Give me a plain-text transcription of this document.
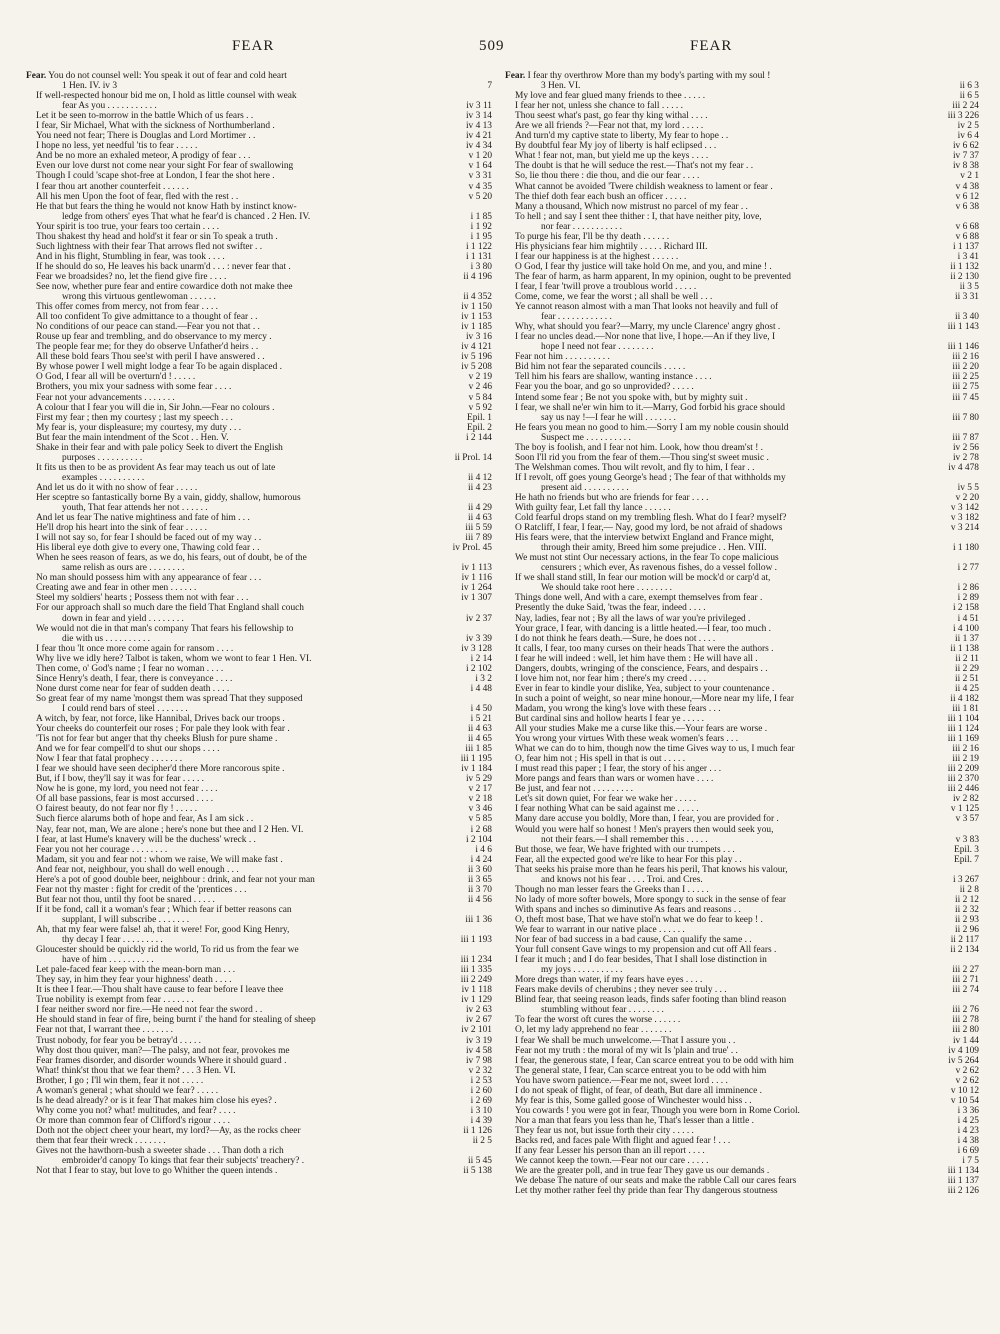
FEAR	509	FEAR
Fear. You do not counsel well: You speak it out of fear and cold heart
1 Hen. IV. iv 3	7
If well-respected honour bid me on, I hold as little counsel with weak
fear As you . . . . . . . . . . .	iv 3 11
Let it be seen to-morrow in the battle Which of us fears . .	iv 3 14
I fear, Sir Michael, What with the sickness of Northumberland .	iv 4 13
You need not fear; There is Douglas and Lord Mortimer . .	iv 4 21
I hope no less, yet needful 'tis to fear . . . . .	iv 4 34
And be no more an exhaled meteor, A prodigy of fear . . .	v 1 20
Even our love durst not come near your sight For fear of swallowing	v 1 64
Though I could 'scape shot-free at London, I fear the shot here .	v 3 31
I fear thou art another counterfeit . . . . . .	v 4 35
All his men Upon the foot of fear, fled with the rest . .	v 5 20
He that but fears the thing he would not know Hath by instinct know-
ledge from others' eyes That what he fear'd is chanced . 2 Hen. IV.	i 1 85
Your spirit is too true, your fears too certain . . . .	i 1 92
Thou shakest thy head and hold'st it fear or sin To speak a truth .	i 1 95
Such lightness with their fear That arrows fled not swifter . .	i 1 122
And in his flight, Stumbling in fear, was took . . . .	i 1 131
If he should do so, He leaves his back unarm'd . . . : never fear that .	i 3 80
Fear we broadsides? no, let the fiend give fire . . . .	ii 4 196
See now, whether pure fear and entire cowardice doth not make thee
wrong this virtuous gentlewoman . . . . . .	ii 4 352
This offer comes from mercy, not from fear . . . .	iv 1 150
All too confident To give admittance to a thought of fear . .	iv 1 153
No conditions of our peace can stand.—Fear you not that . .	iv 1 185
Rouse up fear and trembling, and do observance to my mercy .	iv 3 16
The people fear me; for they do observe Unfather'd heirs . .	iv 4 121
All these bold fears Thou see'st with peril I have answered . .	iv 5 196
By whose power I well might lodge a fear To be again displaced .	iv 5 208
O God, I fear all will be overturn'd ! . . . . .	v 2 19
Brothers, you mix your sadness with some fear . . . .	v 2 46
Fear not your advancements . . . . . . .	v 5 84
A colour that I fear you will die in, Sir John.—Fear no colours .	v 5 92
First my fear ; then my courtesy ; last my speech . . .	Epil. 1
My fear is, your displeasure; my courtesy, my duty . . .	Epil. 2
But fear the main intendment of the Scot . . Hen. V.	i 2 144
Shake in their fear and with pale policy Seek to divert the English
purposes . . . . . . . . . .	ii Prol. 14
It fits us then to be as provident As fear may teach us out of late
examples . . . . . . . . . .	ii 4 12
And let us do it with no show of fear . . . . .	ii 4 23
Her sceptre so fantastically borne By a vain, giddy, shallow, humorous
youth, That fear attends her not . . . . . .	ii 4 29
And let us fear The native mightiness and fate of him . . .	ii 4 63
He'll drop his heart into the sink of fear . . . . .	iii 5 59
I will not say so, for fear I should be faced out of my way . .	iii 7 89
His liberal eye doth give to every one, Thawing cold fear . .	iv Prol. 45
When he sees reason of fears, as we do, his fears, out of doubt, be of the
same relish as ours are . . . . . . . .	iv 1 113
No man should possess him with any appearance of fear . . .	iv 1 116
Creating awe and fear in other men . . . . . .	iv 1 264
Steel my soldiers' hearts ; Possess them not with fear . . .	iv 1 307
For our approach shall so much dare the field That England shall couch
down in fear and yield . . . . . . . .	iv 2 37
We would not die in that man's company That fears his fellowship to
die with us . . . . . . . . . .	iv 3 39
I fear thou 'lt once more come again for ransom . . . .	iv 3 128
Why live we idly here? Talbot is taken, whom we wont to fear 1 Hen. VI.	i 2 14
Then come, o' God's name ; I fear no woman . . . .	i 2 102
Since Henry's death, I fear, there is conveyance . . . .	i 3 2
None durst come near for fear of sudden death . . . .	i 4 48
So great fear of my name 'mongst them was spread That they supposed
I could rend bars of steel . . . . . . .	i 4 50
A witch, by fear, not force, like Hannibal, Drives back our troops .	i 5 21
Your cheeks do counterfeit our roses ; For pale they look with fear .	ii 4 63
'Tis not for fear but anger that thy cheeks Blush for pure shame .	ii 4 65
And we for fear compell'd to shut our shops . . . .	iii 1 85
Now I fear that fatal prophecy . . . . . . .	iii 1 195
I fear we should have seen decipher'd there More rancorous spite .	iv 1 184
But, if I bow, they'll say it was for fear . . . . .	iv 5 29
Now he is gone, my lord, you need not fear . . . .	v 2 17
Of all base passions, fear is most accursed . . . .	v 2 18
O fairest beauty, do not fear nor fly ! . . . . .	v 3 46
Such fierce alarums both of hope and fear, As I am sick . .	v 5 85
Nay, fear not, man, We are alone ; here's none but thee and I 2 Hen. VI.	i 2 68
I fear, at last Hume's knavery will be the duchess' wreck . .	i 2 104
Fear you not her courage . . . . . . . .	i 4 6
Madam, sit you and fear not : whom we raise, We will make fast .	i 4 24
And fear not, neighbour, you shall do well enough . . .	ii 3 60
Here's a pot of good double beer, neighbour : drink, and fear not your man	ii 3 65
Fear not thy master : fight for credit of the 'prentices . . .	ii 3 70
But fear not thou, until thy foot be snared . . . . .	ii 4 56
If it be fond, call it a woman's fear ; Which fear if better reasons can
supplant, I will subscribe . . . . . . .	iii 1 36
Ah, that my fear were false! ah, that it were! For, good King Henry,
thy decay I fear . . . . . . . . .	iii 1 193
Gloucester should be quickly rid the world, To rid us from the fear we
have of him . . . . . . . . . .	iii 1 234
Let pale-faced fear keep with the mean-born man . . .	iii 1 335
They say, in him they fear your highness' death . . . .	iii 2 249
It is thee I fear.—Thou shalt have cause to fear before I leave thee	iv 1 118
True nobility is exempt from fear . . . . . . .	iv 1 129
I fear neither sword nor fire.—He need not fear the sword . .	iv 2 63
He should stand in fear of fire, being burnt i' the hand for stealing of sheep	iv 2 67
Fear not that, I warrant thee . . . . . . .	iv 2 101
Trust nobody, for fear you be betray'd . . . . .	iv 3 19
Why dost thou quiver, man?—The palsy, and not fear, provokes me	iv 4 58
Fear frames disorder, and disorder wounds Where it should guard .	iv 7 98
What! think'st thou that we fear them? . . . 3 Hen. VI.	v 2 32
Brother, I go ; I'll win them, fear it not . . . . .	i 2 53
A woman's general ; what should we fear? . . . . .	i 2 60
Is he dead already? or is it fear That makes him close his eyes? .	i 2 69
Why come you not? what! multitudes, and fear? . . . .	i 3 10
Or more than common fear of Clifford's rigour . . . .	i 4 39
Doth not the object cheer your heart, my lord?—Ay, as the rocks cheer	ii 1 126
them that fear their wreck . . . . . . .	ii 2 5
Gives not the hawthorn-bush a sweeter shade . . . Than doth a rich
embroider'd canopy To kings that fear their subjects' treachery? .	ii 5 45
Not that I fear to stay, but love to go Whither the queen intends .	ii 5 138
Fear. I fear thy overthrow More than my body's parting with my soul !
3 Hen. VI.	ii 6 3
My love and fear glued many friends to thee . . . . .	ii 6 5
I fear her not, unless she chance to fall . . . . .	iii 2 24
Thou seest what's past, go fear thy king withal . . . .	iii 3 226
Are we all friends ?—Fear not that, my lord . . . . .	iv 2 5
And turn'd my captive state to liberty, My fear to hope . .	iv 6 4
By doubtful fear My joy of liberty is half eclipsed . . .	iv 6 62
What ! fear not, man, but yield me up the keys . . . .	iv 7 37
The doubt is that he will seduce the rest.—That's not my fear . .	iv 8 38
So, lie thou there : die thou, and die our fear . . . .	v 2 1
What cannot be avoided 'Twere childish weakness to lament or fear .	v 4 38
The thief doth fear each bush an officer . . . . .	v 6 12
Many a thousand, Which now mistrust no parcel of my fear . .	v 6 38
To hell ; and say I sent thee thither : I, that have neither pity, love,
nor fear . . . . . . . . . . .	v 6 68
To purge his fear, I'll be thy death . . . . . .	v 6 88
His physicians fear him mightily . . . . . Richard III.	i 1 137
I fear our happiness is at the highest . . . . . .	i 3 41
O God, I fear thy justice will take hold On me, and you, and mine ! .	ii 1 132
The fear of harm, as harm apparent, In my opinion, ought to be prevented	ii 2 130
I fear, I fear 'twill prove a troublous world . . . . .	ii 3 5
Come, come, we fear the worst ; all shall be well . . .	ii 3 31
Ye cannot reason almost with a man That looks not heavily and full of
fear . . . . . . . . . . . .	ii 3 40
Why, what should you fear?—Marry, my uncle Clarence' angry ghost .	iii 1 143
I fear no uncles dead.—Nor none that live, I hope.—An if they live, I
hope I need not fear . . . . . . . .	iii 1 146
Fear not him . . . . . . . . . .	iii 2 16
Bid him not fear the separated councils . . . . .	iii 2 20
Tell him his fears are shallow, wanting instance . . . .	iii 2 25
Fear you the boar, and go so unprovided? . . . . .	iii 2 75
Intend some fear ; Be not you spoke with, but by mighty suit .	iii 7 45
I fear, we shall ne'er win him to it.—Marry, God forbid his grace should
say us nay !—I fear he will . . . . . . .	iii 7 80
He fears you mean no good to him.—Sorry I am my noble cousin should
Suspect me . . . . . . . . . .	iii 7 87
The boy is foolish, and I fear not him. Look, how thou dream'st ! .	iv 2 56
Soon I'll rid you from the fear of them.—Thou sing'st sweet music .	iv 2 78
The Welshman comes. Thou wilt revolt, and fly to him, I fear . .	iv 4 478
If I revolt, off goes young George's head ; The fear of that withholds my
present aid . . . . . . . . . .	iv 5 5
He hath no friends but who are friends for fear . . . .	v 2 20
With guilty fear, Let fall thy lance . . . . . .	v 3 142
Cold fearful drops stand on my trembling flesh. What do I fear? myself?	v 3 182
O Ratcliff, I fear, I fear,— Nay, good my lord, be not afraid of shadows	v 3 214
His fears were, that the interview betwixt England and France might,
through their amity, Breed him some prejudice . . Hen. VIII.	i 1 180
We must not stint Our necessary actions, in the fear To cope malicious
censurers ; which ever, As ravenous fishes, do a vessel follow .	i 2 77
If we shall stand still, In fear our motion will be mock'd or carp'd at,
We should take root here . . . . . . . .	i 2 86
Things done well, And with a care, exempt themselves from fear .	i 2 89
Presently the duke Said, 'twas the fear, indeed . . . .	i 2 158
Nay, ladies, fear not ; By all the laws of war you're privileged .	i 4 51
Your grace, I fear, with dancing is a little heated.—I fear, too much .	i 4 100
I do not think he fears death.—Sure, he does not . . . .	ii 1 37
It calls, I fear, too many curses on their heads That were the authors .	ii 1 138
I fear he will indeed : well, let him have them : He will have all .	ii 2 11
Dangers, doubts, wringing of the conscience, Fears, and despairs . .	ii 2 29
I love him not, nor fear him ; there's my creed . . . .	ii 2 51
Ever in fear to kindle your dislike, Yea, subject to your countenance .	ii 4 25
In such a point of weight, so near mine honour,—More near my life, I fear	ii 4 182
Madam, you wrong the king's love with these fears . . .	iii 1 81
But cardinal sins and hollow hearts I fear ye . . . . .	iii 1 104
All your studies Make me a curse like this.—Your fears are worse .	iii 1 124
You wrong your virtues With these weak women's fears . . .	iii 1 169
What we can do to him, though now the time Gives way to us, I much fear	iii 2 16
O, fear him not ; His spell in that is out . . . . .	iii 2 19
I must read this paper ; I fear, the story of his anger . . .	iii 2 209
More pangs and fears than wars or women have . . . .	iii 2 370
Be just, and fear not . . . . . . . . .	iii 2 446
Let's sit down quiet, For fear we wake her . . . . .	iv 2 82
I fear nothing What can be said against me . . . . .	v 1 125
Many dare accuse you boldly, More than, I fear, you are provided for .	v 3 57
Would you were half so honest ! Men's prayers then would seek you,
not their fears.—I shall remember this . . . . .	v 3 83
But those, we fear, We have frighted with our trumpets . . .	Epil. 3
Fear, all the expected good we're like to hear For this play . .	Epil. 7
That seeks his praise more than he fears his peril, That knows his valour,
and knows not his fear . . . . Troi. and Cres.	i 3 267
Though no man lesser fears the Greeks than I . . . . .	ii 2 8
No lady of more softer bowels, More spongy to suck in the sense of fear	ii 2 12
With spans and inches so diminutive As fears and reasons . .	ii 2 32
O, theft most base, That we have stol'n what we do fear to keep ! .	ii 2 93
We fear to warrant in our native place . . . . . .	ii 2 96
Nor fear of bad success in a bad cause, Can qualify the same . .	ii 2 117
Your full consent Gave wings to my propension and cut off All fears .	ii 2 134
I fear it much ; and I do fear besides, That I shall lose distinction in
my joys . . . . . . . . . . .	iii 2 27
More dregs than water, if my fears have eyes . . . .	iii 2 71
Fears make devils of cherubins ; they never see truly . . .	iii 2 74
Blind fear, that seeing reason leads, finds safer footing than blind reason
stumbling without fear . . . . . . . .	iii 2 76
To fear the worst oft cures the worse . . . . . .	iii 2 78
O, let my lady apprehend no fear . . . . . . .	iii 2 80
I fear We shall be much unwelcome.—That I assure you . .	iv 1 44
Fear not my truth : the moral of my wit Is 'plain and true' . .	iv 4 109
I fear, the generous state, I fear, Can scarce entreat you to be odd with him	iv 5 264
The general state, I fear, Can scarce entreat you to be odd with him	v 2 62
You have sworn patience.—Fear me not, sweet lord . . . .	v 2 62
I do not speak of flight, of fear, of death, But dare all imminence .	v 10 12
My fear is this, Some galled goose of Winchester would hiss . .	v 10 54
You cowards ! you were got in fear, Though you were born in Rome Coriol.	i 3 36
Nor a man that fears you less than he, That's lesser than a little .	i 4 25
They fear us not, but issue forth their city . . . . .	i 4 23
Backs red, and faces pale With flight and agued fear ! . . .	i 4 38
If any fear Lesser his person than an ill report . . . .	i 6 69
We cannot keep the town.—Fear not our care . . . . .	i 7 5
We are the greater poll, and in true fear They gave us our demands .	iii 1 134
We debase The nature of our seats and make the rabble Call our cares fears	iii 1 137
Let thy mother rather feel thy pride than fear Thy dangerous stoutness	iii 2 126
